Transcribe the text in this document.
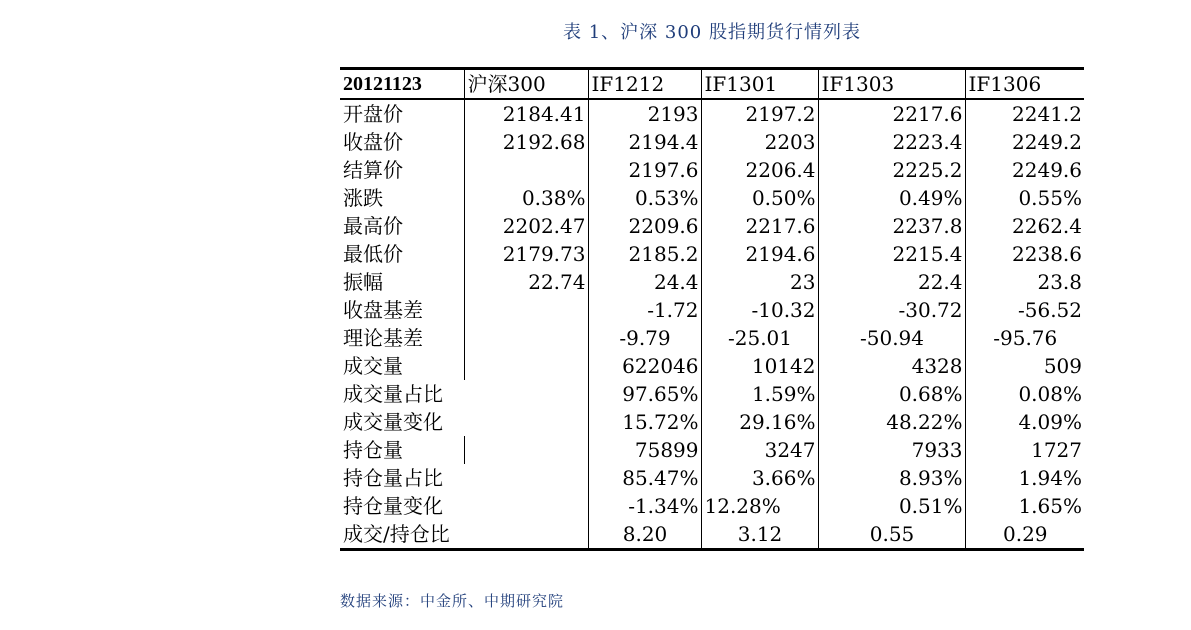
表 1、沪深 300 股指期货行情列表
20121123	沪深300	IF1212	IF1301	IF1303	IF1306
开盘价	2184.41	2193	2197.2	2217.6	2241.2
收盘价	2192.68	2194.4	2203	2223.4	2249.2
结算价		2197.6	2206.4	2225.2	2249.6
涨跌	0.38%	0.53%	0.50%	0.49%	0.55%
最高价	2202.47	2209.6	2217.6	2237.8	2262.4
最低价	2179.73	2185.2	2194.6	2215.4	2238.6
振幅	22.74	24.4	23	22.4	23.8
收盘基差		-1.72	-10.32	-30.72	-56.52
理论基差		-9.79	-25.01	-50.94	-95.76
成交量		622046	10142	4328	509
成交量占比		97.65%	1.59%	0.68%	0.08%
成交量变化		15.72%	29.16%	48.22%	4.09%
持仓量		75899	3247	7933	1727
持仓量占比		85.47%	3.66%	8.93%	1.94%
持仓量变化		-1.34%	12.28%	0.51%	1.65%
成交/持仓比		8.20	3.12	0.55	0.29
数据来源：中金所、中期研究院
